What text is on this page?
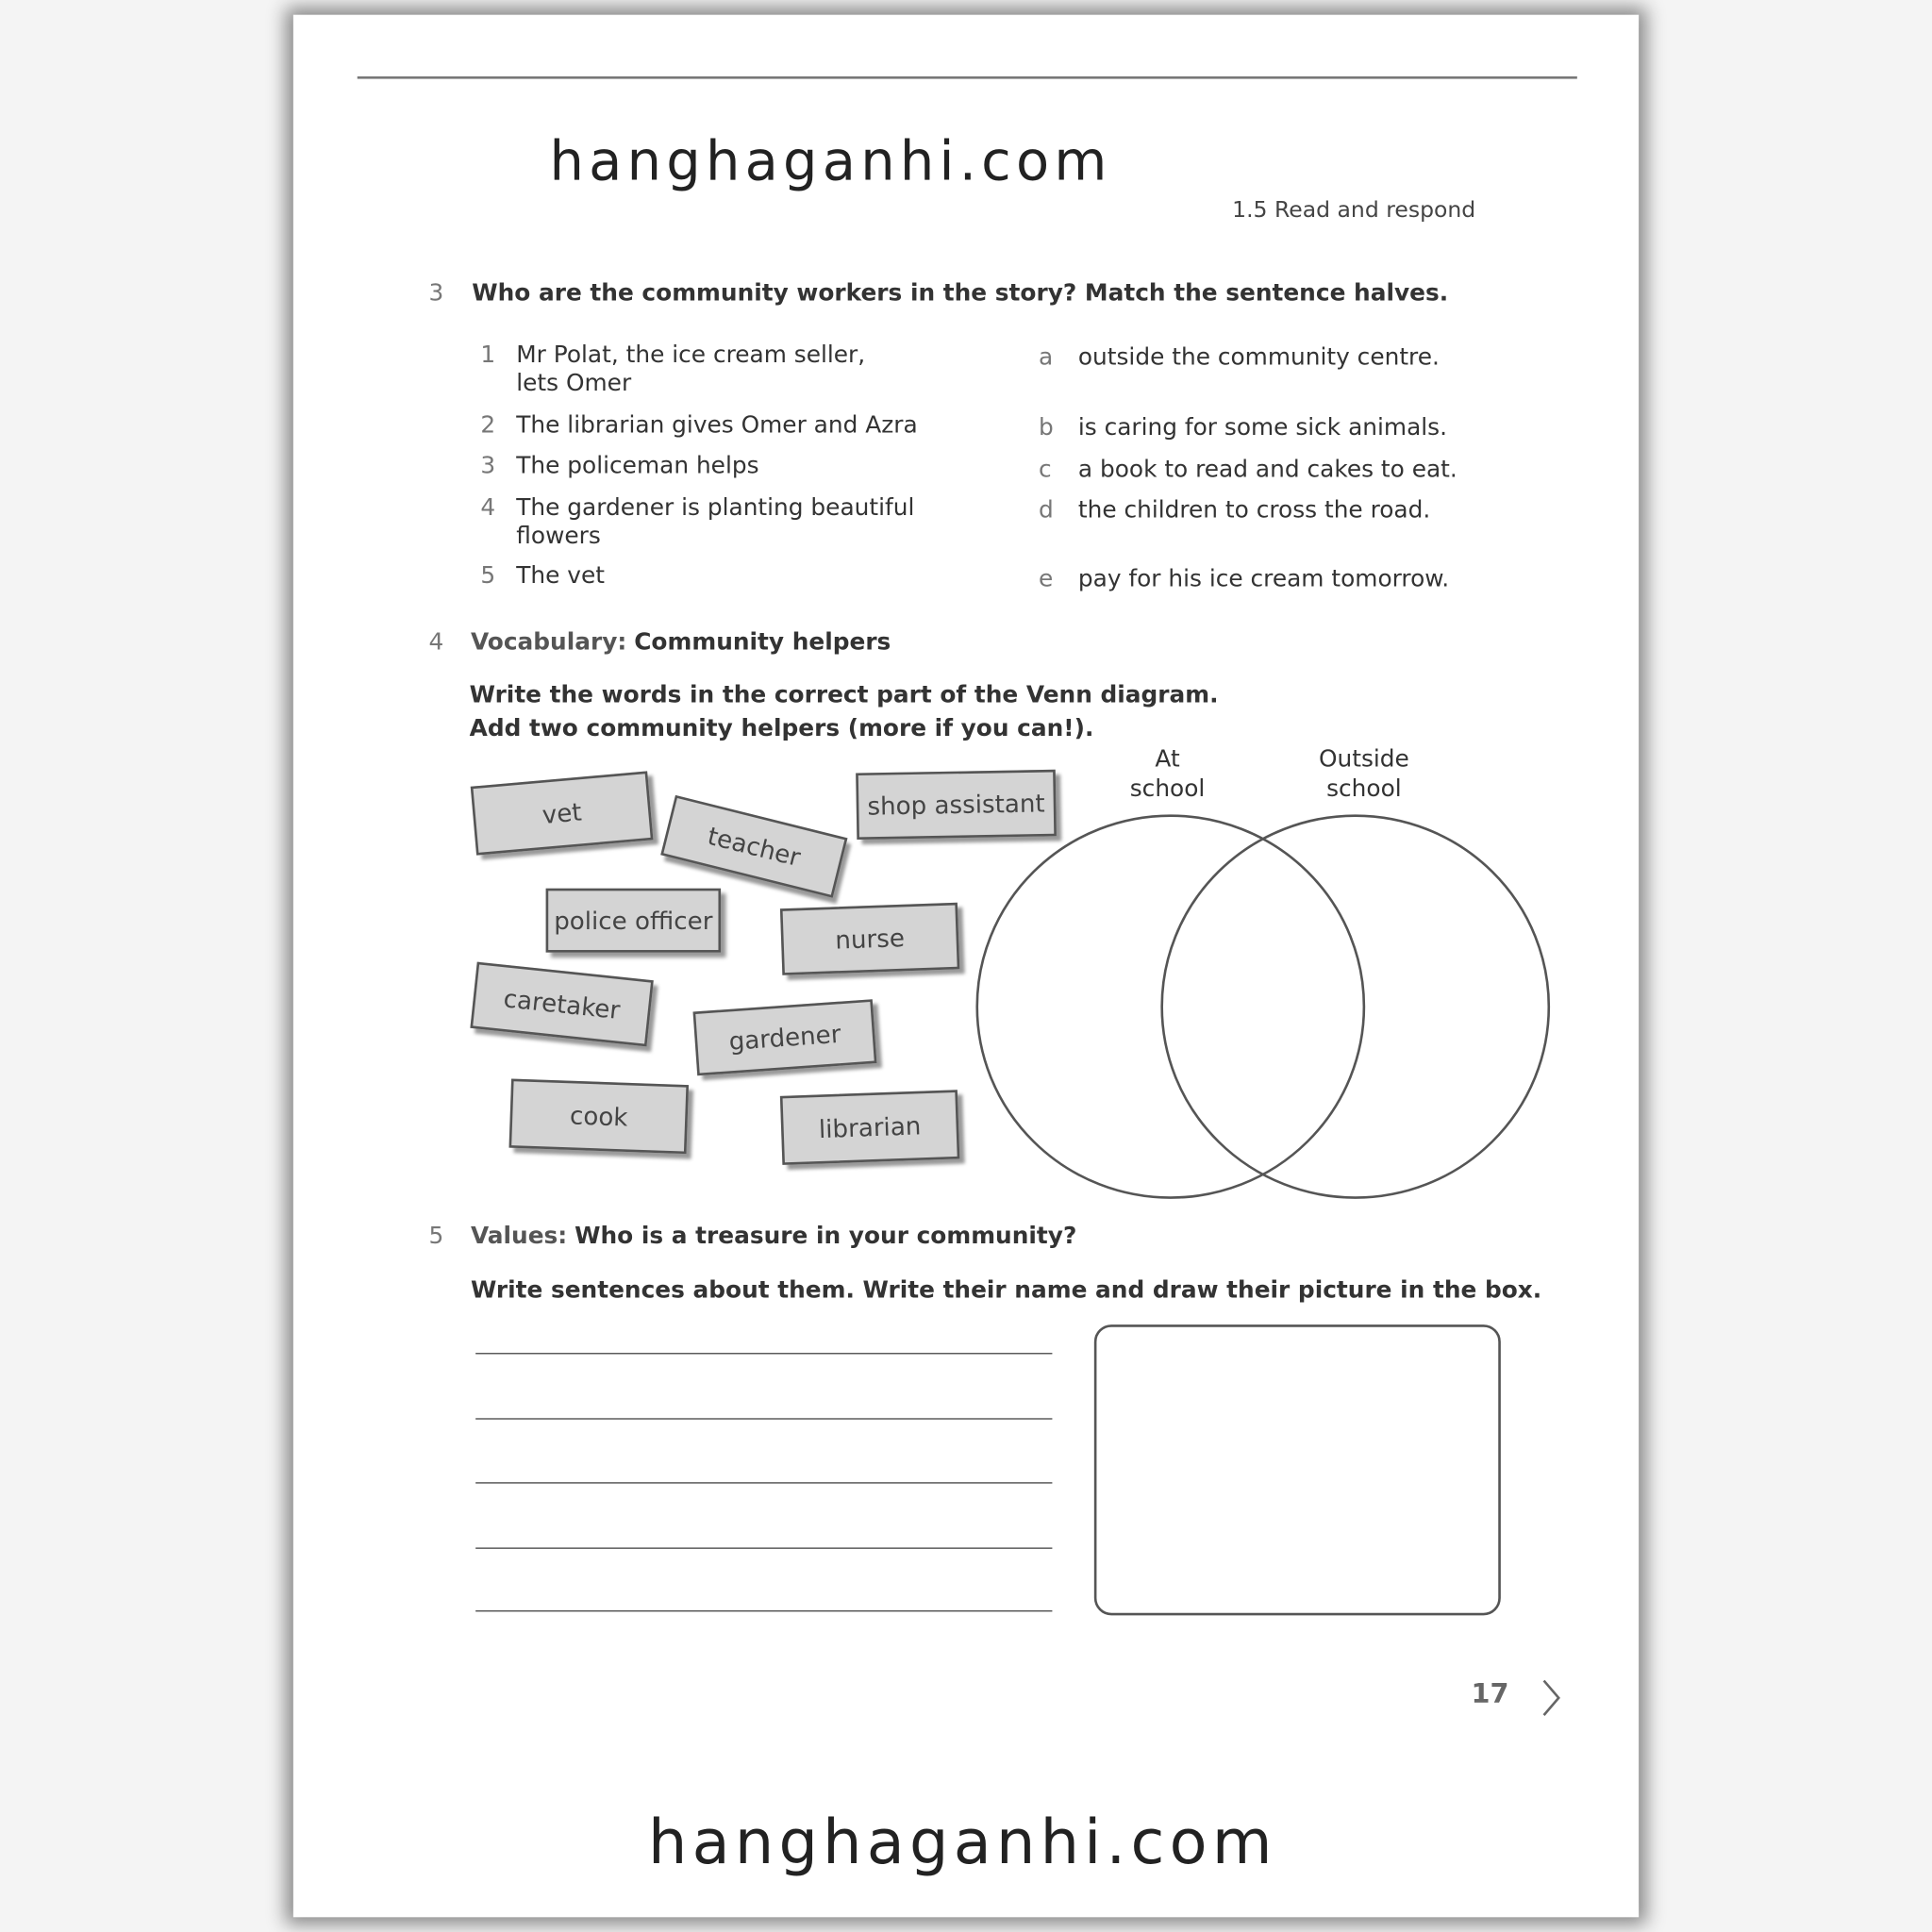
hanghaganhi.com
1.5 Read and respond
3 Who are the community workers in the story? Match the sentence halves.
1 Mr Polat, the ice cream seller,
lets Omer
2 The librarian gives Omer and Azra
3 The policeman helps
4 The gardener is planting beautiful
flowers
5 The vet
a outside the community centre.
b is caring for some sick animals.
c a book to read and cakes to eat.
d the children to cross the road.
e pay for his ice cream tomorrow.
4 Vocabulary: Community helpers
Write the words in the correct part of the Venn diagram.
Add two community helpers (more if you can!).
vet
teacher
shop assistant
police officer
nurse
caretaker
gardener
cook	librarian
At
school
Outside
school
5 Values: Who is a treasure in your community?
Write sentences about them. Write their name and draw their picture in the box.
17
hanghaganhi.com
